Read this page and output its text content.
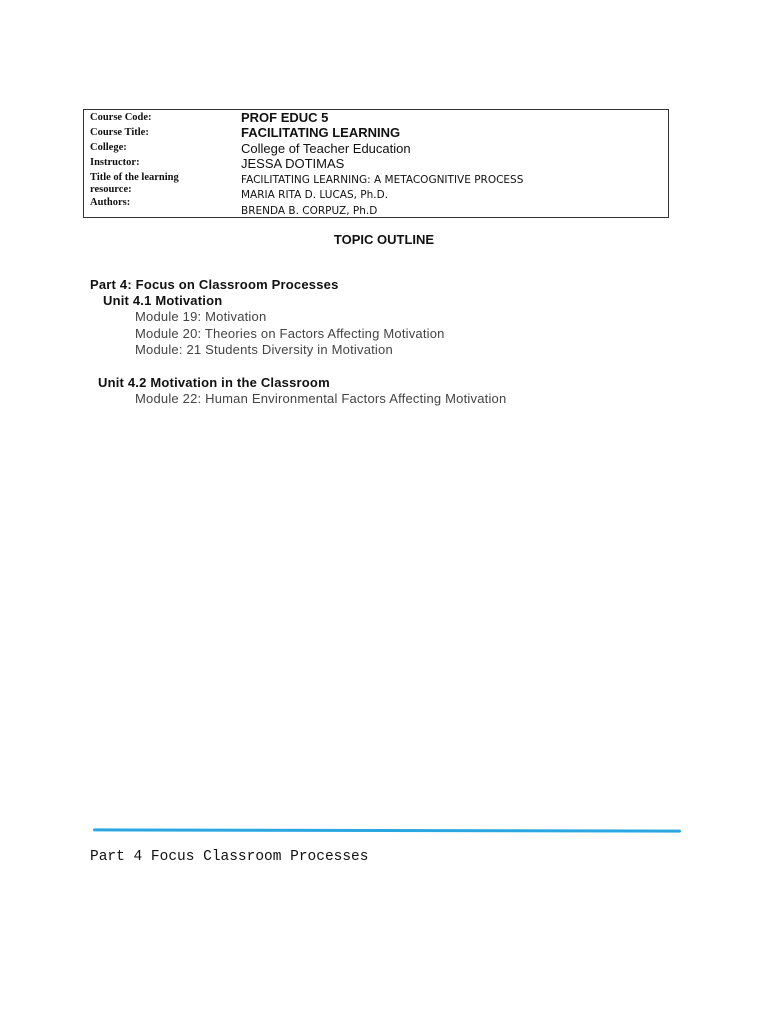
Course Code:
Course Title:
College:
Instructor:
Title of the learning
resource:
Authors:
PROF EDUC 5
FACILITATING LEARNING
College of Teacher Education
JESSA DOTIMAS
FACILITATING LEARNING: A METACOGNITIVE PROCESS
MARIA RITA D. LUCAS, Ph.D.
BRENDA B. CORPUZ, Ph.D
TOPIC OUTLINE
Part 4: Focus on Classroom Processes
Unit 4.1 Motivation
Module 19: Motivation
Module 20: Theories on Factors Affecting Motivation
Module: 21 Students Diversity in Motivation
Unit 4.2 Motivation in the Classroom
Module 22: Human Environmental Factors Affecting Motivation
Part 4 Focus Classroom Processes
